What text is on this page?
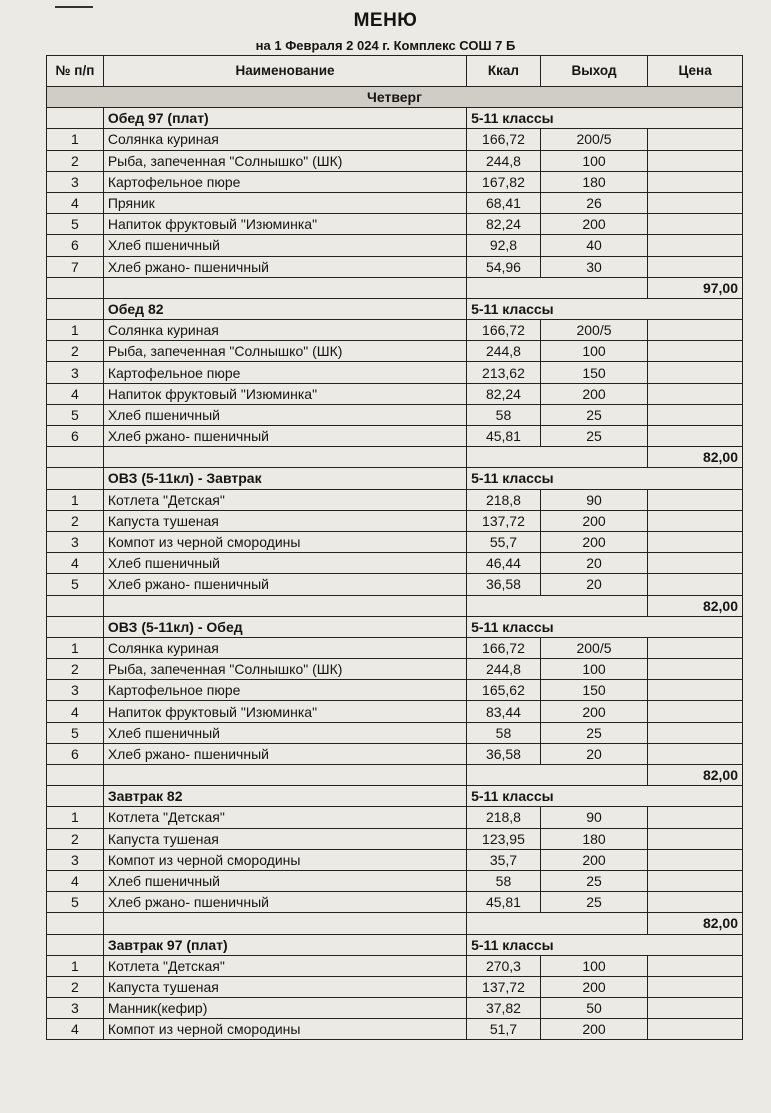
МЕНЮ
на 1 Февраля 2 024 г. Комплекс СОШ 7 Б
№ п/п	Наименование	Ккал	Выход	Цена
Четверг				
	Обед 97 (плат)	5-11 классы		
1	Солянка куриная	166,72	200/5	
2	Рыба, запеченная "Солнышко" (ШК)	244,8	100	
3	Картофельное пюре	167,82	180	
4	Пряник	68,41	26	
5	Напиток фруктовый "Изюминка"	82,24	200	
6	Хлеб пшеничный	92,8	40	
7	Хлеб ржано- пшеничный	54,96	30	
				97,00
	Обед 82	5-11 классы		
1	Солянка куриная	166,72	200/5	
2	Рыба, запеченная "Солнышко" (ШК)	244,8	100	
3	Картофельное пюре	213,62	150	
4	Напиток фруктовый "Изюминка"	82,24	200	
5	Хлеб пшеничный	58	25	
6	Хлеб ржано- пшеничный	45,81	25	
				82,00
	ОВЗ (5-11кл) - Завтрак	5-11 классы		
1	Котлета "Детская"	218,8	90	
2	Капуста тушеная	137,72	200	
3	Компот из черной смородины	55,7	200	
4	Хлеб пшеничный	46,44	20	
5	Хлеб ржано- пшеничный	36,58	20	
				82,00
	ОВЗ (5-11кл) - Обед	5-11 классы		
1	Солянка куриная	166,72	200/5	
2	Рыба, запеченная "Солнышко" (ШК)	244,8	100	
3	Картофельное пюре	165,62	150	
4	Напиток фруктовый "Изюминка"	83,44	200	
5	Хлеб пшеничный	58	25	
6	Хлеб ржано- пшеничный	36,58	20	
				82,00
	Завтрак 82	5-11 классы		
1	Котлета "Детская"	218,8	90	
2	Капуста тушеная	123,95	180	
3	Компот из черной смородины	35,7	200	
4	Хлеб пшеничный	58	25	
5	Хлеб ржано- пшеничный	45,81	25	
				82,00
	Завтрак 97 (плат)	5-11 классы		
1	Котлета "Детская"	270,3	100	
2	Капуста тушеная	137,72	200	
3	Манник(кефир)	37,82	50	
4	Компот из черной смородины	51,7	200	
